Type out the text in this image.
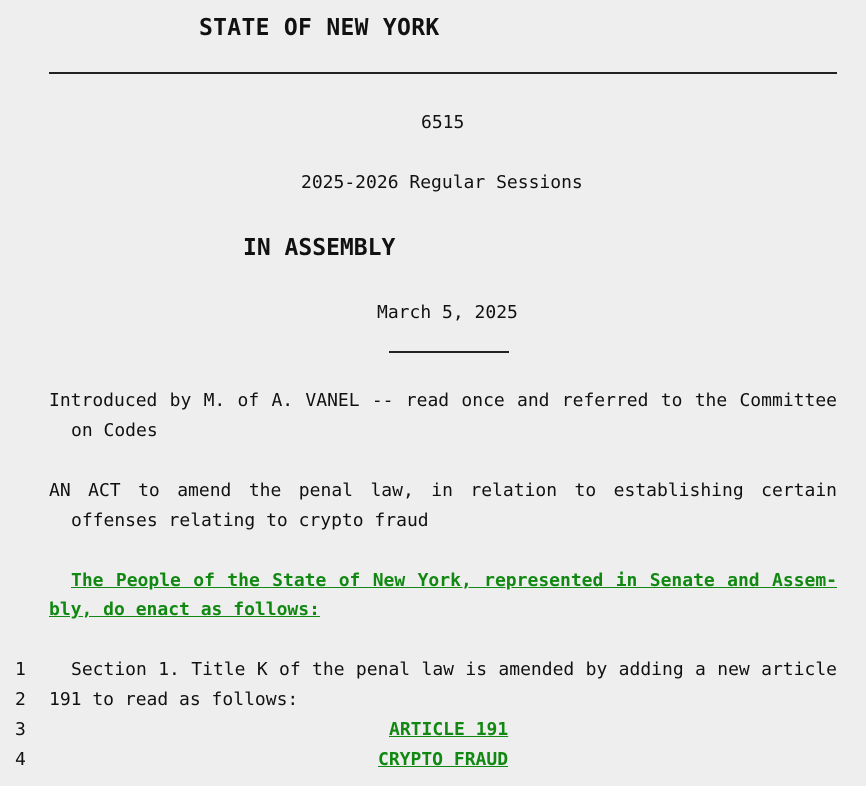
STATE OF NEW YORK
6515
2025-2026 Regular Sessions
IN ASSEMBLY
March 5, 2025
Introduced by M. of A. VANEL -- read once and referred to the Committee
on Codes
AN ACT to amend the penal law, in relation to establishing certain
offenses relating to crypto fraud
The People of the State of New York, represented in Senate and Assem-
bly, do enact as follows:
1	Section 1. Title K of the penal law is amended by adding a new article
2 191 to read as follows:
3	ARTICLE 191
4	CRYPTO FRAUD
